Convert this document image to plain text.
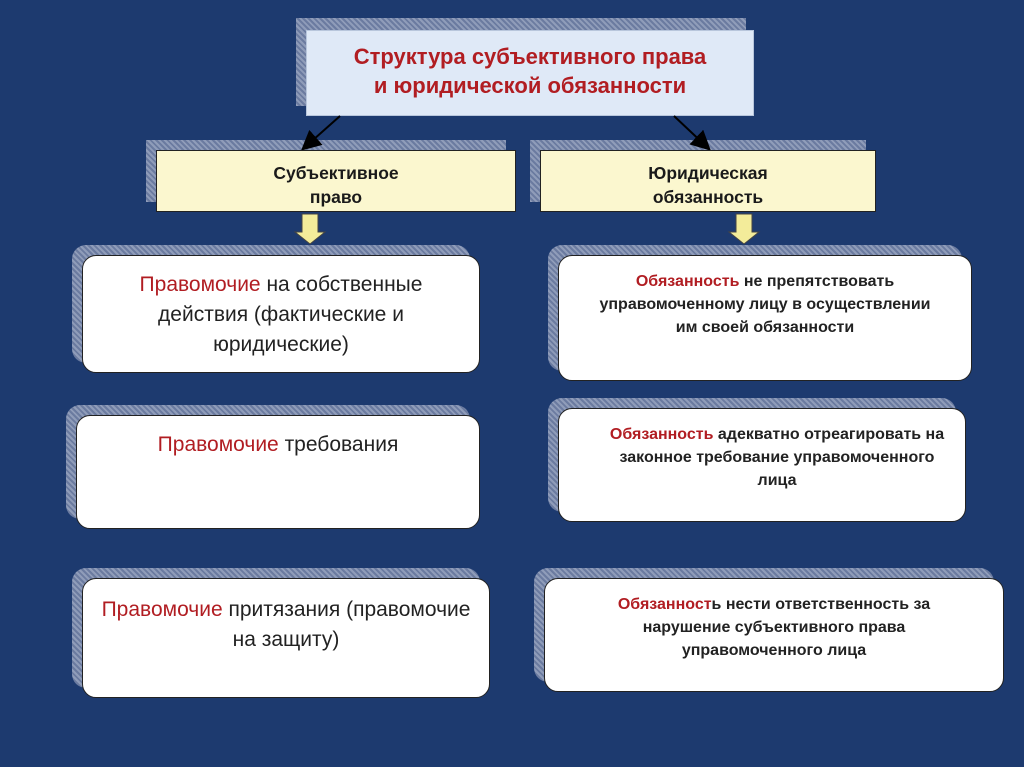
Структура субъективного права
и юридической обязанности
Субъективное
право
Юридическая
обязанность
Правомочие на собственные действия (фактические и юридические)
Правомочие требования
Правомочие притязания (правомочие на защиту)
Обязанность не препятствовать управомоченному лицу в осуществлении им своей обязанности
Обязанность адекватно отреагировать на законное требование управомоченного лица
Обязанность нести ответственность за нарушение субъективного права управомоченного лица
